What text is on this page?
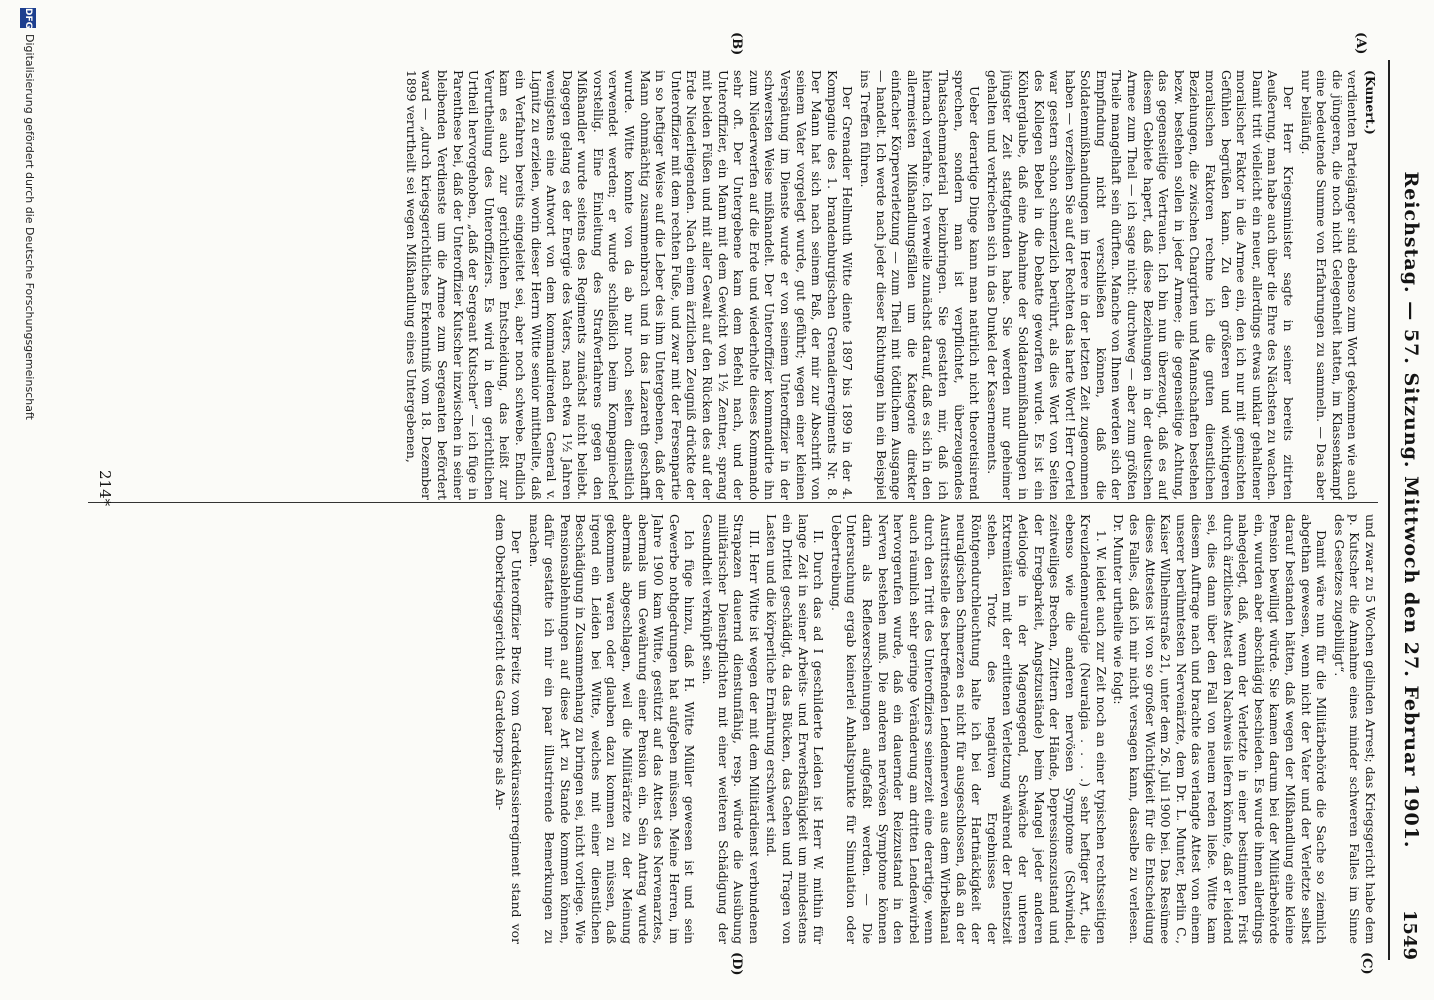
Reichstag. — 57. Sitzung. Mittwoch den 27. Februar 1901.
1549
(A)
(B)
(C)
(D)

(Kunert.)

verdienten Parteigänger sind ebenso zum Wort gekommen wie auch die jüngeren, die noch nicht Gelegenheit hatten, im Klassenkampf eine bedeutende Summe von Erfahrungen zu sammeln. — Das aber nur beiläufig.

Der Herr Kriegsminister sagte in seiner bereits zitirten Aeußerung, man habe auch über die Ehre des Nächsten zu wachen. Damit tritt vielleicht ein neuer, allerdings etwas unklar gehaltener moralischer Faktor in die Armee ein, den ich nur mit gemischten Gefühlen begrüßen kann. Zu den größeren und wichtigeren moralischen Faktoren rechne ich die guten dienstlichen Beziehungen, die zwischen Chargirten und Mannschaften bestehen bezw. bestehen sollen in jeder Armee; die gegenseitige Achtung, das gegenseitige Vertrauen. Ich bin nun überzeugt, daß es auf diesem Gebiete hapert, daß diese Beziehungen in der deutschen Armee zum Theil — ich sage nicht: durchweg — aber zum größten Theile mangelhaft sein dürften. Manche von Ihnen werden sich der Empfindung nicht verschließen können, daß die Soldatenmißhandlungen im Heere in der letzten Zeit zugenommen haben — verzeihen Sie auf der Rechten das harte Wort! Herr Oertel war gestern schon schmerzlich berührt, als dies Wort von Seiten des Kollegen Bebel in die Debatte geworfen wurde. Es ist ein Köhlerglaube, daß eine Abnahme der Soldatenmißhandlungen in jüngster Zeit stattgefunden habe. Sie werden nur geheimer gehalten und verkriechen sich in das Dunkel der Kasernements.

Ueber derartige Dinge kann man natürlich nicht theoretisirend sprechen, sondern man ist verpflichtet, überzeugendes Thatsachenmaterial beizubringen. Sie gestatten mir, daß ich hiernach verfahre. Ich verweile zunächst darauf, daß es sich in den allermeisten Mißhandlungsfällen um die Kategorie direkter einfacher Körperverletzung — zum Theil mit tödtlichem Ausgange — handelt. Ich werde nach jeder dieser Richtungen hin ein Beispiel ins Treffen führen.

Der Grenadier Hellmuth Witte diente 1897 bis 1899 in der 4. Kompagnie des 1. brandenburgischen Grenadierregiments Nr. 8. Der Mann hat sich nach seinem Paß, der mir zur Abschrift von seinem Vater vorgelegt wurde, gut geführt; wegen einer kleinen Verspätung im Dienste wurde er von seinem Unteroffizier in der schwersten Weise mißhandelt. Der Unteroffizier kommandirte ihn zum Niederwerfen auf die Erde und wiederholte dieses Kommando sehr oft. Der Untergebene kam dem Befehl nach, und der Unteroffizier, ein Mann mit dem Gewicht von 1½ Zentner, sprang mit beiden Füßen und mit aller Gewalt auf den Rücken des auf der Erde Niederliegenden. Nach einem ärztlichen Zeugniß drückte der Unteroffizier mit dem rechten Fuße, und zwar mit der Fersenpartie in so heftiger Weise auf die Leber des ihm Untergebenen, daß der Mann ohnmächtig zusammenbrach und in das Lazareth geschafft wurde. Witte konnte von da ab nur noch selten dienstlich verwendet werden; er wurde schließlich beim Kompagniechef vorstellig. Eine Einleitung des Strafverfahrens gegen den Mißhandler wurde seitens des Regiments zunächst nicht beliebt. Dagegen gelang es der Energie des Vaters, nach etwa 1½ Jahren wenigstens eine Antwort von dem kommandirenden General v. Lignitz zu erzielen, worin dieser Herrn Witte senior mittheilte, daß ein Verfahren bereits eingeleitet sei, aber noch schwebe. Endlich kam es auch zur gerichtlichen Entscheidung, das heißt zur Verurtheilung des Unteroffiziers. Es wird in dem gerichtlichen Urtheil hervorgehoben, „daß der Sergeant Kutscher“ — ich füge in Parenthese bei, daß der Unteroffizier Kutscher inzwischen in seiner bleibenden Verdienste um die Armee zum Sergeanten befördert ward — „durch kriegsgerichtliches Erkenntniß vom 18. Dezember 1899 verurtheilt sei wegen Mißhandlung eines Untergebenen,

und zwar zu 5 Wochen gelinden Arrest; das Kriegsgericht habe dem p. Kutscher die Annahme eines minder schweren Falles im Sinne des Gesetzes zugebilligt“.

Damit wäre nun für die Militärbehörde die Sache so ziemlich abgethan gewesen, wenn nicht der Vater und der Verletzte selbst darauf bestanden hätten, daß wegen der Mißhandlung eine kleine Pension bewilligt würde. Sie kamen darum bei der Militärbehörde ein, wurden aber abschlägig beschieden. Es wurde ihnen allerdings nahegelegt, daß, wenn der Verletzte in einer bestimmten Frist durch ärztliches Attest den Nachweis liefern könnte, daß er leidend sei, dies dann über den Fall von neuem reden ließe. Witte kam diesem Auftrage nach und brachte das verlangte Attest von einem unserer berühmtesten Nervenärzte, dem Dr. L. Munter, Berlin C., Kaiser Wilhelmstraße 21, unter dem 26. Juli 1900 bei. Das Resümee dieses Attestes ist von so großer Wichtigkeit für die Entscheidung des Falles, daß ich mir nicht versagen kann, dasselbe zu verlesen. Dr. Munter urtheilte wie folgt:

1. W. leidet auch zur Zeit noch an einer typischen rechtsseitigen Kreuzlendenneuralgie (Neuralgia . . . .) sehr heftiger Art, die ebenso wie die anderen nervösen Symptome (Schwindel, zeitweiliges Brechen, Zittern der Hände, Depressionszustand und der Erregbarkeit, Angstzustände) beim Mangel jeder anderen Aetiologie in der Magengegend, Schwäche der unteren Extremitäten mit der erlittenen Verletzung während der Dienstzeit stehen. Trotz des negativen Ergebnisses der Röntgendurchleuchtung halte ich bei der Hartnäckigkeit der neuralgischen Schmerzen es nicht für ausgeschlossen, daß an der Austrittsstelle des betreffenden Lendennerven aus dem Wirbelkanal durch den Tritt des Unteroffiziers seinerzeit eine derartige, wenn auch räumlich sehr geringe Veränderung am dritten Lendenwirbel hervorgerufen wurde, daß ein dauernder Reizzustand in den Nerven bestehen muß. Die anderen nervösen Symptome können darin als Reflexerscheinungen aufgefaßt werden. — Die Untersuchung ergab keinerlei Anhaltspunkte für Simulation oder Uebertreibung.

II. Durch das ad I geschilderte Leiden ist Herr W. mithin für lange Zeit in seiner Arbeits- und Erwerbsfähigkeit um mindestens ein Drittel geschädigt, da das Bücken, das Gehen und Tragen von Lasten und die körperliche Ernährung erschwert sind.

III. Herr Witte ist wegen der mit dem Militärdienst verbundenen Strapazen dauernd dienstunfähig, resp. würde die Ausübung militärischer Dienstpflichten mit einer weiteren Schädigung der Gesundheit verknüpft sein.

Ich füge hinzu, daß H. Witte Müller gewesen ist und sein Gewerbe nothgedrungen hat aufgeben müssen. Meine Herren, im Jahre 1900 kam Witte, gestützt auf das Attest des Nervenarztes, abermals um Gewährung einer Pension ein. Sein Antrag wurde abermals abgeschlagen, weil die Militärärzte zu der Meinung gekommen waren oder glauben dazu kommen zu müssen, daß irgend ein Leiden bei Witte, welches mit einer dienstlichen Beschädigung in Zusammenhang zu bringen sei, nicht vorliege. Wie Pensionsablehnungen auf diese Art zu Stande kommen können, dafür gestatte ich mir ein paar illustrirende Bemerkungen zu machen.

Der Unteroffizier Breitz vom Gardekürassierregiment stand vor dem Oberkriegsgericht des Gardekorps als An-

214*
DFG
Digitalisierung gefördert durch die Deutsche Forschungsgemeinschaft
